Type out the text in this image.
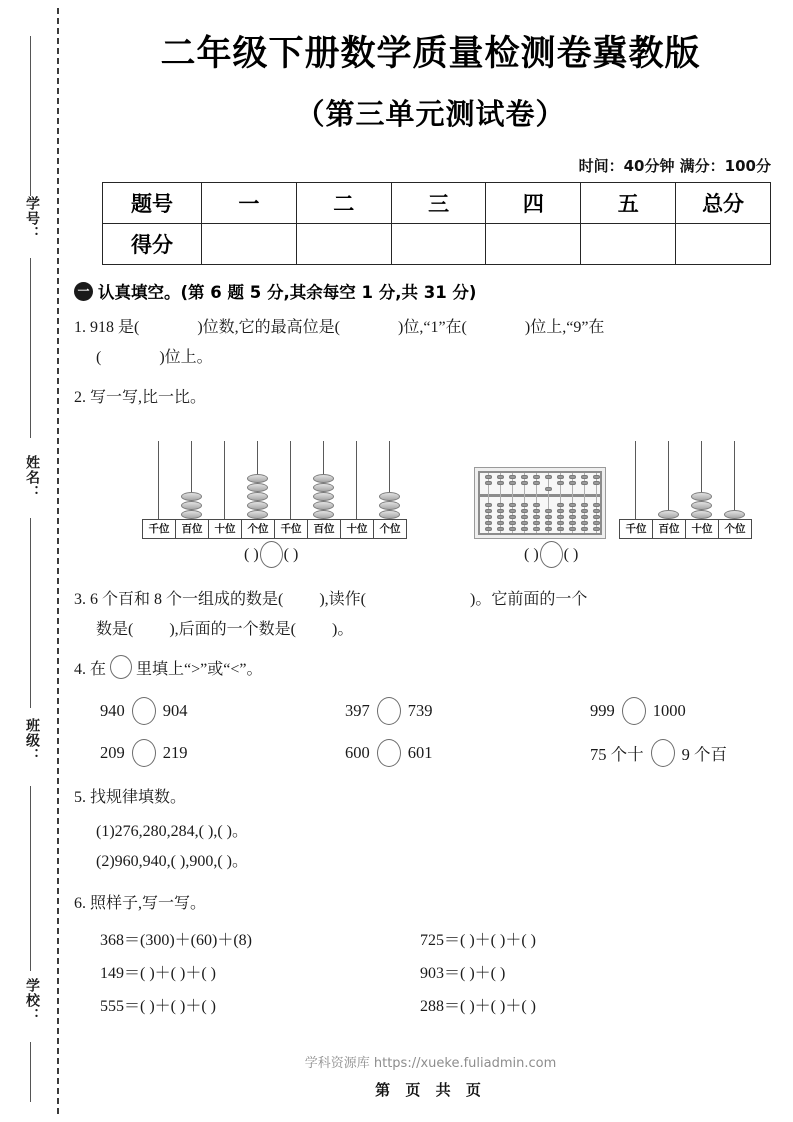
学号：
姓名：
班级：
学校：
二年级下册数学质量检测卷冀教版
（第三单元测试卷）
时间：40分钟 满分：100分
题号	一	二	三	四	五	总分
得分						
一 认真填空。(第 6 题 5 分,其余每空 1 分,共 31 分)
1. 918 是(	)位数,它的最高位是(	)位,“1”在(	)位上,“9”在
(	)位上。
2. 写一写,比一比。
千位	百位	十位	个位	千位	百位	十位	个位	千位	百位	十位	个位
( ) ( )	( ) ( )
3. 6 个百和 8 个一组成的数是( ),读作(	)。它前面的一个
数是( ),后面的一个数是( )。
4. 在 里填上“>”或“<”。
940 904	397 739	999 1000
209 219	600 601	75 个十 9 个百
5. 找规律填数。
(1)276,280,284,( ),( )。
(2)960,940,( ),900,( )。
6. 照样子,写一写。
368＝(300)＋(60)＋(8)	725＝( )＋( )＋( )
149＝( )＋( )＋( )	903＝( )＋( )
555＝( )＋( )＋( )	288＝( )＋( )＋( )
学科资源库 https://xueke.fuliadmin.com
第 页 共 页
